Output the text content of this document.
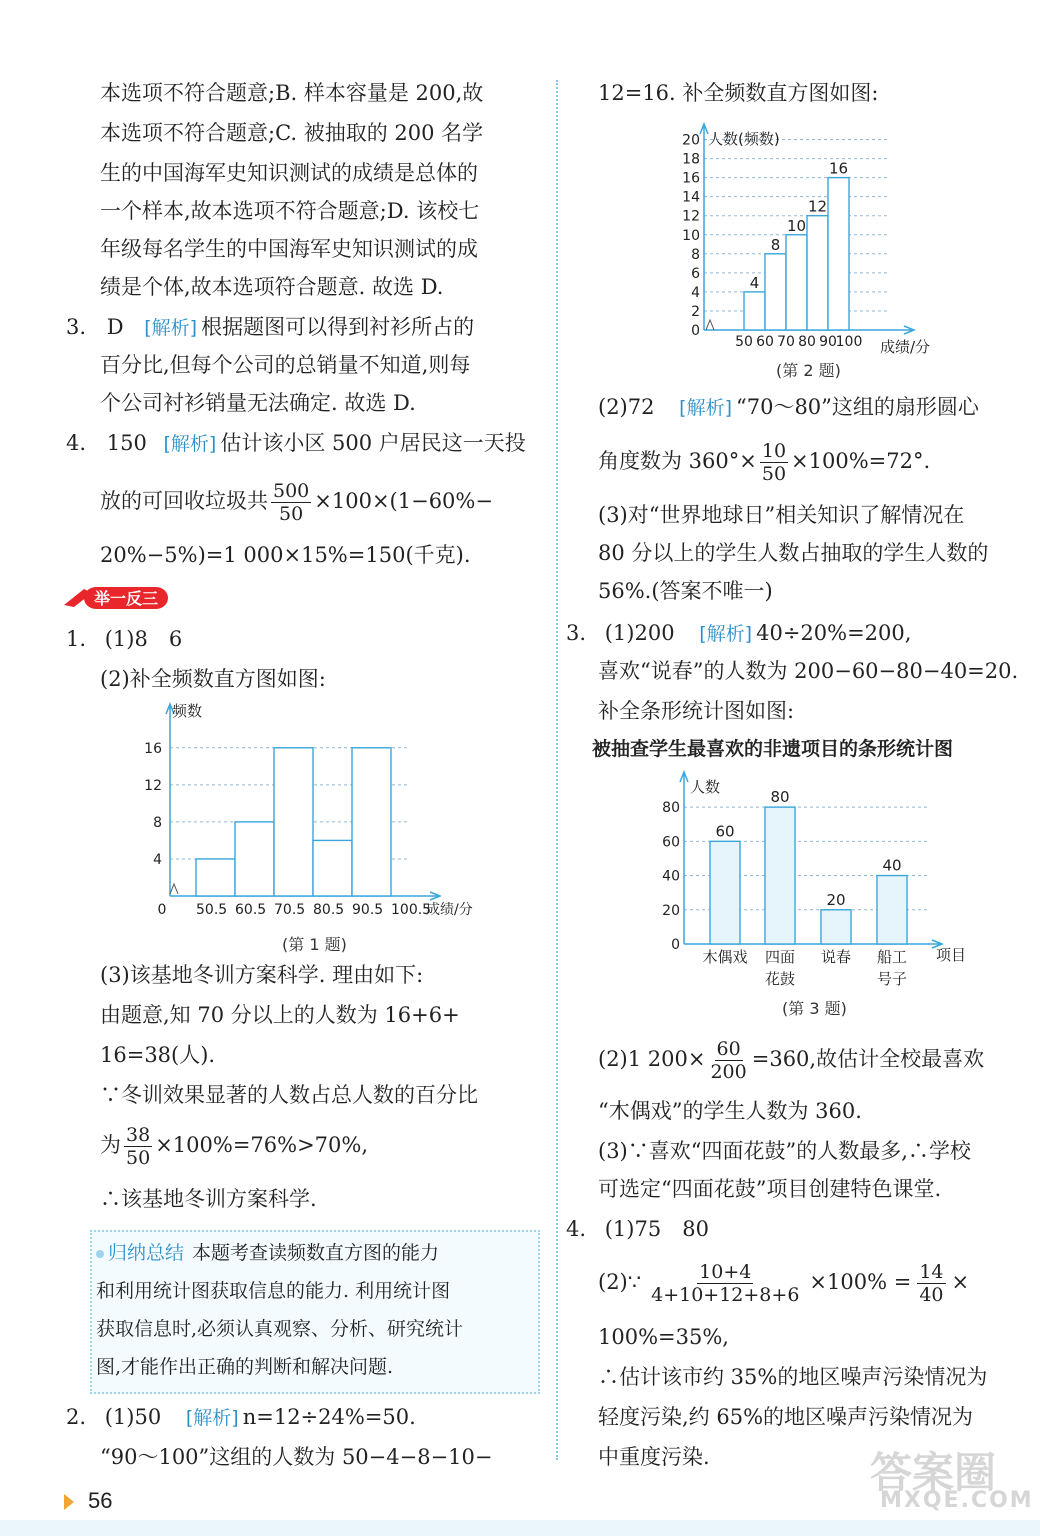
本选项不符合题意;B. 样本容量是 200,故
本选项不符合题意;C. 被抽取的 200 名学
生的中国海军史知识测试的成绩是总体的
一个样本,故本选项不符合题意;D. 该校七
年级每名学生的中国海军史知识测试的成
绩是个体,故本选项符合题意. 故选 D.
3. D [解析] 根据题图可以得到衬衫所占的
百分比,但每个公司的总销量不知道,则每
个公司衬衫销量无法确定. 故选 D.
4. 150 [解析] 估计该小区 500 户居民这一天投
放的可回收垃圾共 $\frac{500}{50} \times 100\times(1-60\%-$
20%−5%)=1 000×15%=150(千克).
举一反三
1. (1)8　6
(2)补全频数直方图如图:
4
8
12
16
频数
0 50.5 60.5 70.5 80.5 90.5 100.5
成绩/分
(第 1 题)
(3)该基地冬训方案科学. 理由如下:
由题意,知 70 分以上的人数为 16+6+
16=38(人).
∵冬训效果显著的人数占总人数的百分比
为 $\frac{38}{50} \times 100\%=76\%>70\%$,
∴该基地冬训方案科学.
归纳总结 本题考查读频数直方图的能力
和利用统计图获取信息的能力. 利用统计图
获取信息时,必须认真观察、分析、研究统计
图,才能作出正确的判断和解决问题.
2. (1)50 [解析] n=12÷24%=50.
“90～100”这组的人数为 50−4−8−10−
12=16. 补全频数直方图如图:
0
2
4
6
8
10
12
14
16
18
20 人数(频数)
4
8
10
12
16
50 60 70 80 90
100 成绩/分
(第 2 题)
(2)72 [解析] “70～80”这组的扇形圆心
角度数为 $360^\circ\times \frac{10}{50} \times 100\%=72^\circ$.
(3)对“世界地球日”相关知识了解情况在
80 分以上的学生人数占抽取的学生人数的
56%.(答案不唯一)
3. (1)200 [解析] 40÷20%=200,
喜欢“说春”的人数为 200−60−80−40=20.
补全条形统计图如图:
被抽查学生最喜欢的非遗项目的条形统计图
0
20
40
60
80
人数
60
木偶戏
80
四面
花鼓
20
说春
40
船工
号子
项目
(第 3 题)
(2)1 $200\times \frac{60}{200} =360$,故估计全校最喜欢
“木偶戏”的学生人数为 360.
(3)∵喜欢“四面花鼓”的人数最多,∴学校
可选定“四面花鼓”项目创建特色课堂.
4. (1)75　80
(2)∵ $\frac{10+4}{4+10+12+8+6} \times 100\% = \frac{14}{40}$ ×
100%=35%,
∴估计该市约 35%的地区噪声污染情况为
轻度污染,约 65%的地区噪声污染情况为
中重度污染.
56
答案圈
MXQE.COM
